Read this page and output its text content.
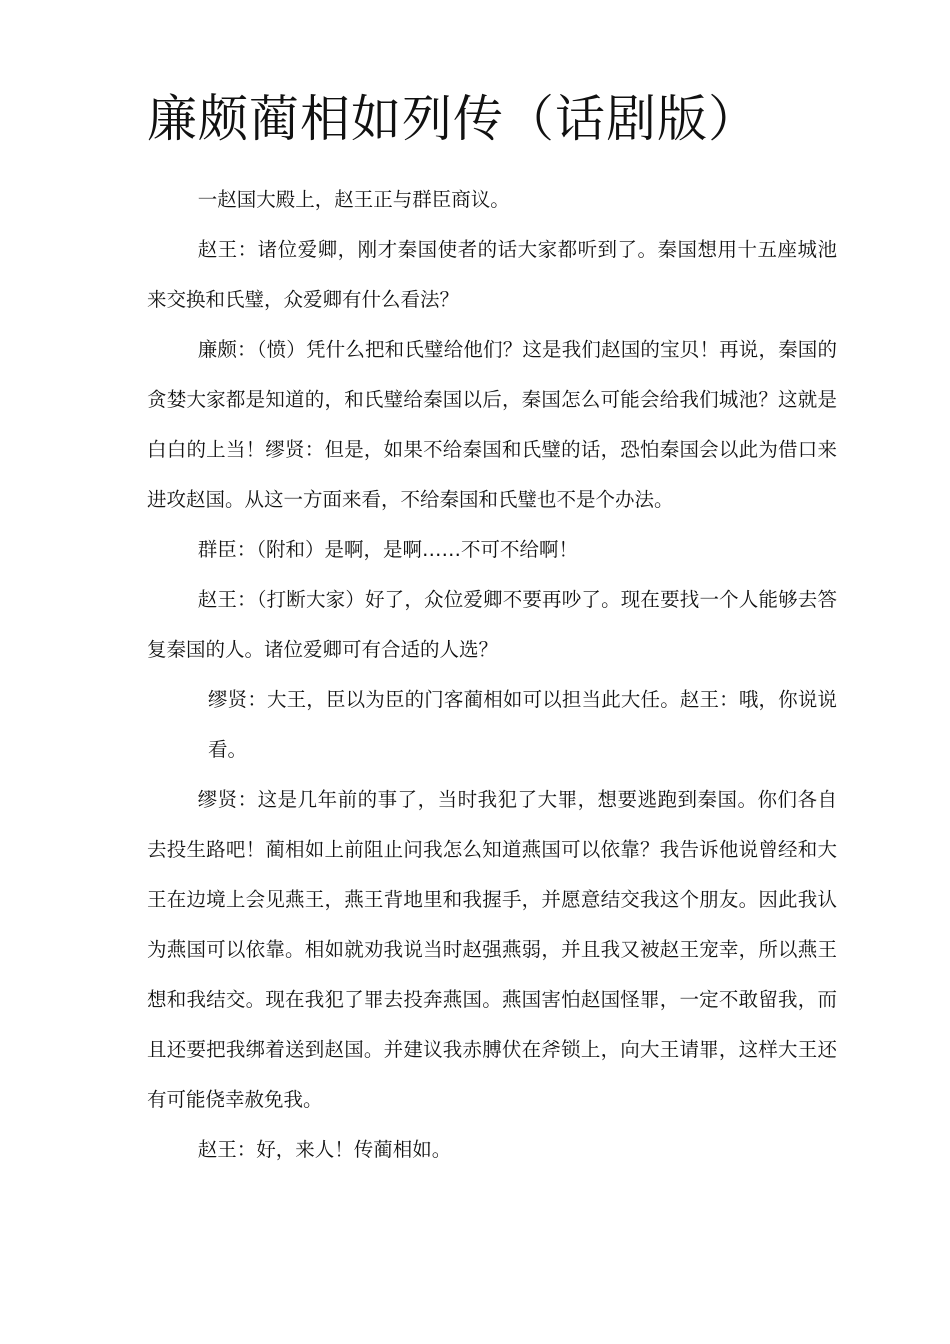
廉颇蔺相如列传（话剧版）

一赵国大殿上，赵王正与群臣商议。

赵王：诸位爱卿，刚才秦国使者的话大家都听到了。秦国想用十五座城池来交换和氏璧，众爱卿有什么看法？

廉颇：（愤）凭什么把和氏璧给他们？这是我们赵国的宝贝！再说，秦国的贪婪大家都是知道的，和氏璧给秦国以后，秦国怎么可能会给我们城池？这就是白白的上当！缪贤：但是，如果不给秦国和氏璧的话，恐怕秦国会以此为借口来进攻赵国。从这一方面来看，不给秦国和氏璧也不是个办法。

群臣：（附和）是啊，是啊……不可不给啊！

赵王：（打断大家）好了，众位爱卿不要再吵了。现在要找一个人能够去答复秦国的人。诸位爱卿可有合适的人选？

缪贤：大王，臣以为臣的门客蔺相如可以担当此大任。赵王：哦，你说说看。

缪贤：这是几年前的事了，当时我犯了大罪，想要逃跑到秦国。你们各自去投生路吧！蔺相如上前阻止问我怎么知道燕国可以依靠？我告诉他说曾经和大王在边境上会见燕王，燕王背地里和我握手，并愿意结交我这个朋友。因此我认为燕国可以依靠。相如就劝我说当时赵强燕弱，并且我又被赵王宠幸，所以燕王想和我结交。现在我犯了罪去投奔燕国。燕国害怕赵国怪罪，一定不敢留我，而且还要把我绑着送到赵国。并建议我赤膊伏在斧锁上，向大王请罪，这样大王还有可能侥幸赦免我。

赵王：好，来人！传蔺相如。
